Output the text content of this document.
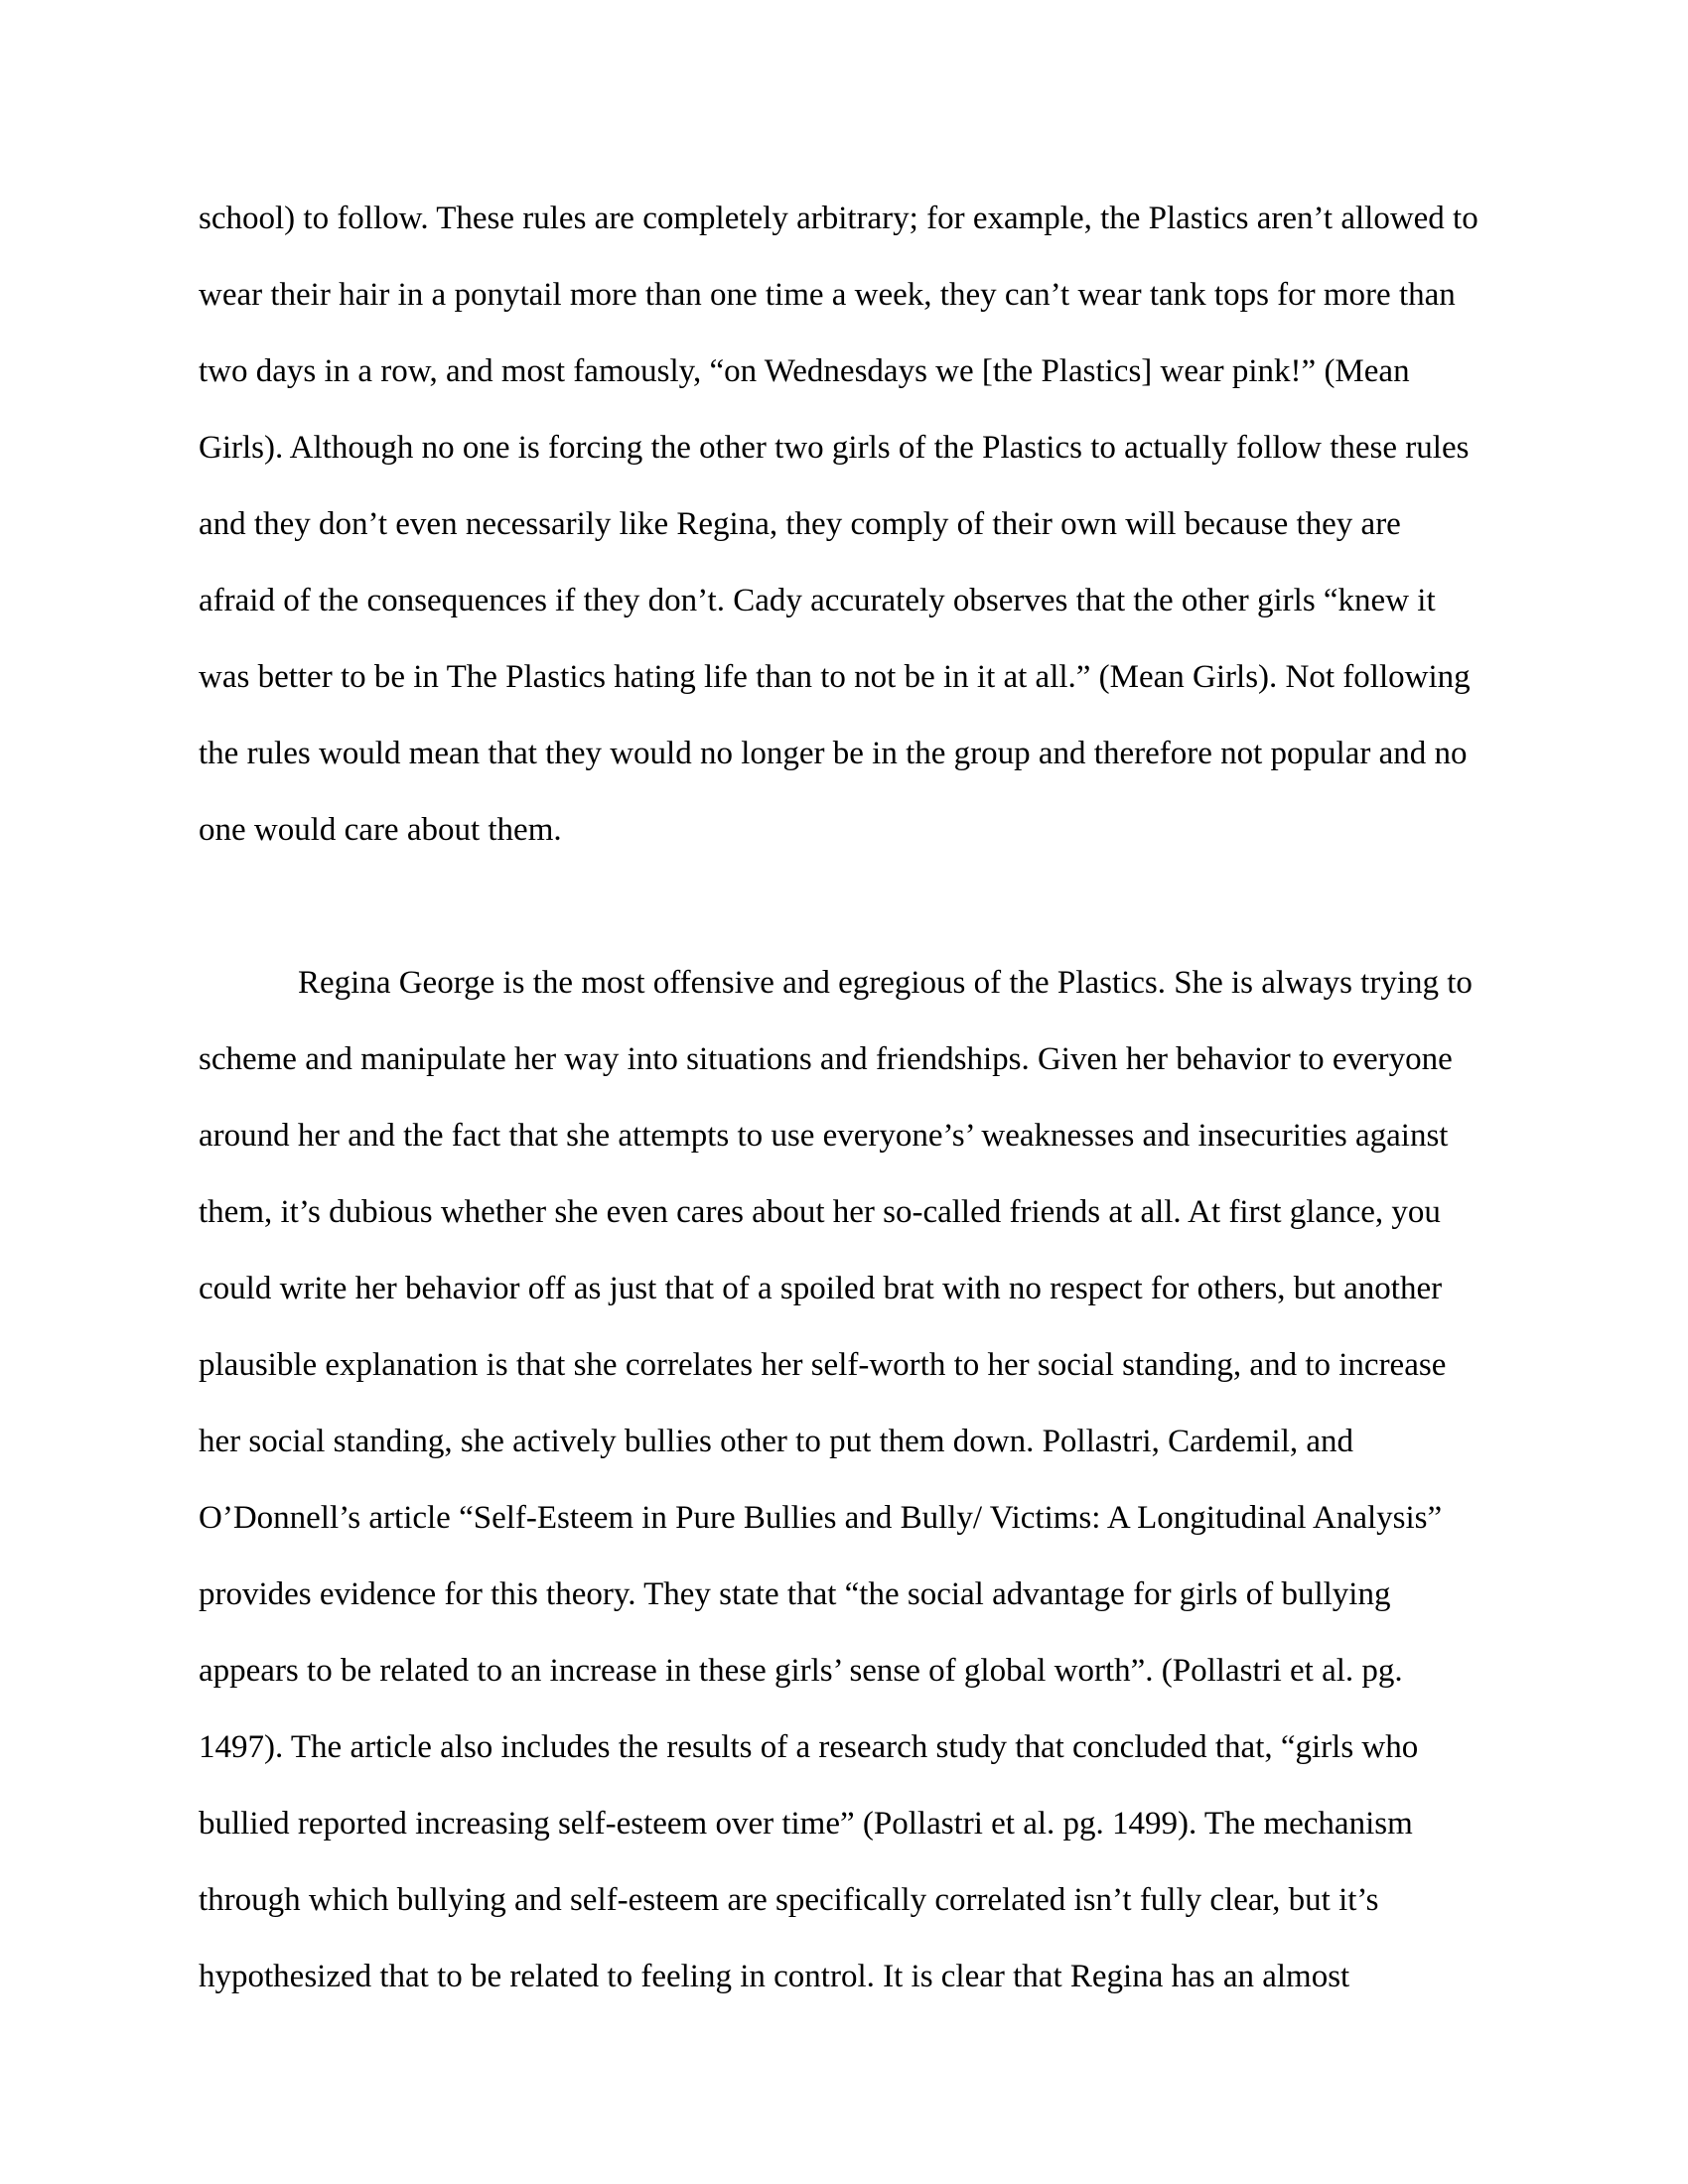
school) to follow. These rules are completely arbitrary; for example, the Plastics aren’t allowed to
wear their hair in a ponytail more than one time a week, they can’t wear tank tops for more than
two days in a row, and most famously, “on Wednesdays we [the Plastics] wear pink!” (Mean
Girls). Although no one is forcing the other two girls of the Plastics to actually follow these rules
and they don’t even necessarily like Regina, they comply of their own will because they are
afraid of the consequences if they don’t. Cady accurately observes that the other girls “knew it
was better to be in The Plastics hating life than to not be in it at all.” (Mean Girls). Not following
the rules would mean that they would no longer be in the group and therefore not popular and no
one would care about them.
Regina George is the most offensive and egregious of the Plastics. She is always trying to
scheme and manipulate her way into situations and friendships. Given her behavior to everyone
around her and the fact that she attempts to use everyone’s’ weaknesses and insecurities against
them, it’s dubious whether she even cares about her so-called friends at all. At first glance, you
could write her behavior off as just that of a spoiled brat with no respect for others, but another
plausible explanation is that she correlates her self-worth to her social standing, and to increase
her social standing, she actively bullies other to put them down. Pollastri, Cardemil, and
O’Donnell’s article “Self-Esteem in Pure Bullies and Bully/ Victims: A Longitudinal Analysis”
provides evidence for this theory. They state that “the social advantage for girls of bullying
appears to be related to an increase in these girls’ sense of global worth”. (Pollastri et al. pg.
1497). The article also includes the results of a research study that concluded that, “girls who
bullied reported increasing self-esteem over time” (Pollastri et al. pg. 1499). The mechanism
through which bullying and self-esteem are specifically correlated isn’t fully clear, but it’s
hypothesized that to be related to feeling in control. It is clear that Regina has an almost
